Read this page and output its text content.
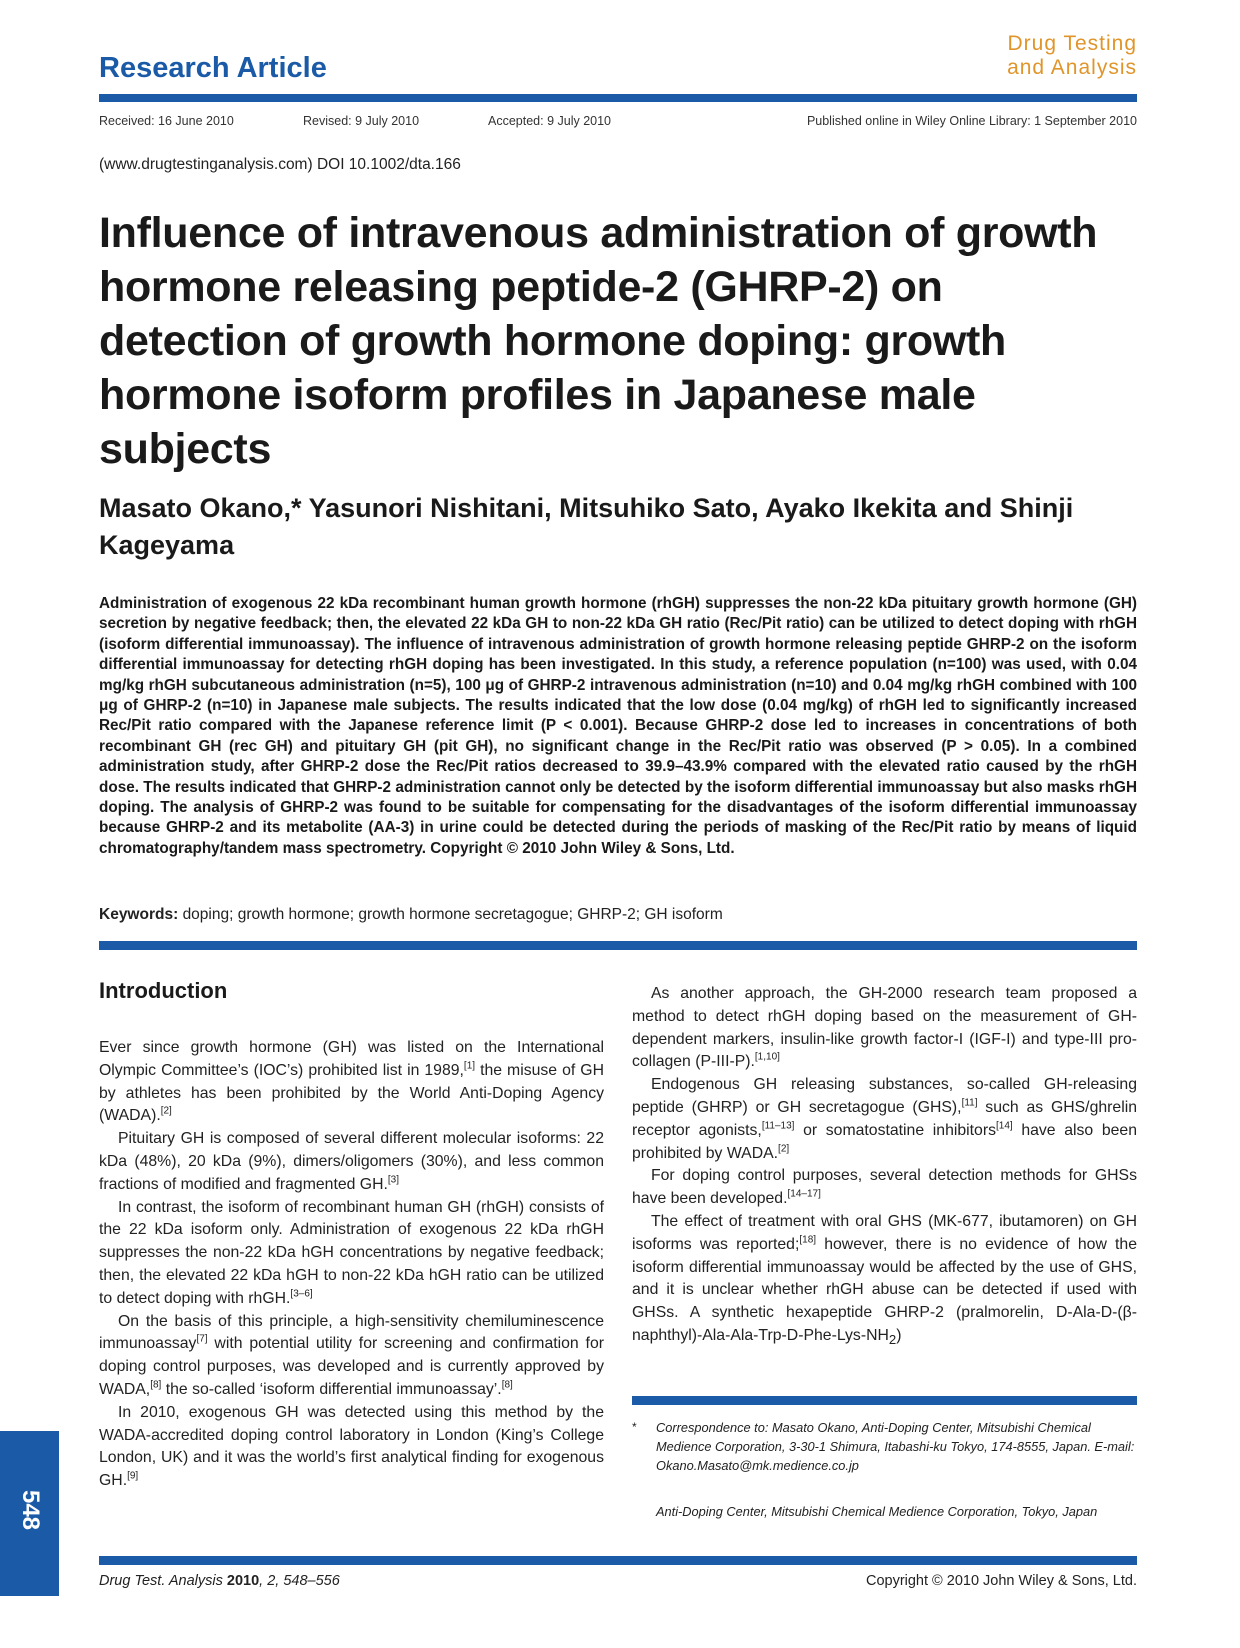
Research Article
Drug Testing
and Analysis
Received: 16 June 2010	Revised: 9 July 2010	Accepted: 9 July 2010	Published online in Wiley Online Library: 1 September 2010
(www.drugtestinganalysis.com) DOI 10.1002/dta.166
Influence of intravenous administration of growth hormone releasing peptide-2 (GHRP-2) on detection of growth hormone doping: growth hormone isoform profiles in Japanese male subjects
Masato Okano,* Yasunori Nishitani, Mitsuhiko Sato, Ayako Ikekita and Shinji Kageyama
Administration of exogenous 22 kDa recombinant human growth hormone (rhGH) suppresses the non-22 kDa pituitary growth hormone (GH) secretion by negative feedback; then, the elevated 22 kDa GH to non-22 kDa GH ratio (Rec/Pit ratio) can be utilized to detect doping with rhGH (isoform differential immunoassay). The influence of intravenous administration of growth hormone releasing peptide GHRP-2 on the isoform differential immunoassay for detecting rhGH doping has been investigated. In this study, a reference population (n=100) was used, with 0.04 mg/kg rhGH subcutaneous administration (n=5), 100 μg of GHRP-2 intravenous administration (n=10) and 0.04 mg/kg rhGH combined with 100 μg of GHRP-2 (n=10) in Japanese male subjects. The results indicated that the low dose (0.04 mg/kg) of rhGH led to significantly increased Rec/Pit ratio compared with the Japanese reference limit (P < 0.001). Because GHRP-2 dose led to increases in concentrations of both recombinant GH (rec GH) and pituitary GH (pit GH), no significant change in the Rec/Pit ratio was observed (P > 0.05). In a combined administration study, after GHRP-2 dose the Rec/Pit ratios decreased to 39.9–43.9% compared with the elevated ratio caused by the rhGH dose. The results indicated that GHRP-2 administration cannot only be detected by the isoform differential immunoassay but also masks rhGH doping. The analysis of GHRP-2 was found to be suitable for compensating for the disadvantages of the isoform differential immunoassay because GHRP-2 and its metabolite (AA-3) in urine could be detected during the periods of masking of the Rec/Pit ratio by means of liquid chromatography/tandem mass spectrometry. Copyright © 2010 John Wiley & Sons, Ltd.
Keywords: doping; growth hormone; growth hormone secretagogue; GHRP-2; GH isoform
Introduction

Ever since growth hormone (GH) was listed on the International Olympic Committee’s (IOC’s) prohibited list in 1989,[1] the misuse of GH by athletes has been prohibited by the World Anti-Doping Agency (WADA).[2]

Pituitary GH is composed of several different molecular isoforms: 22 kDa (48%), 20 kDa (9%), dimers/oligomers (30%), and less common fractions of modified and fragmented GH.[3]

In contrast, the isoform of recombinant human GH (rhGH) consists of the 22 kDa isoform only. Administration of exogenous 22 kDa rhGH suppresses the non-22 kDa hGH concentrations by negative feedback; then, the elevated 22 kDa hGH to non-22 kDa hGH ratio can be utilized to detect doping with rhGH.[3–6]

On the basis of this principle, a high-sensitivity chemiluminescence immunoassay[7] with potential utility for screening and confirmation for doping control purposes, was developed and is currently approved by WADA,[8] the so-called ‘isoform differential immunoassay’.[8]

In 2010, exogenous GH was detected using this method by the WADA-accredited doping control laboratory in London (King’s College London, UK) and it was the world’s first analytical finding for exogenous GH.[9]

As another approach, the GH-2000 research team proposed a method to detect rhGH doping based on the measurement of GH-dependent markers, insulin-like growth factor-I (IGF-I) and type-III pro-collagen (P-III-P).[1,10]

Endogenous GH releasing substances, so-called GH-releasing peptide (GHRP) or GH secretagogue (GHS),[11] such as GHS/ghrelin receptor agonists,[11–13] or somatostatine inhibitors[14] have also been prohibited by WADA.[2]

For doping control purposes, several detection methods for GHSs have been developed.[14–17]

The effect of treatment with oral GHS (MK-677, ibutamoren) on GH isoforms was reported;[18] however, there is no evidence of how the isoform differential immunoassay would be affected by the use of GHS, and it is unclear whether rhGH abuse can be detected if used with GHSs. A synthetic hexapeptide GHRP-2 (pralmorelin, $D-Ala-D-(\beta-naphthyl)-Ala-Ala-Trp-D-Phe-Lys-NH_2$)

* Correspondence to: Masato Okano, Anti-Doping Center, Mitsubishi Chemical Medience Corporation, 3-30-1 Shimura, Itabashi-ku Tokyo, 174-8555, Japan. E-mail: Okano.Masato@mk.medience.co.jp
Anti-Doping Center, Mitsubishi Chemical Medience Corporation, Tokyo, Japan
548
Drug Test. Analysis 2010, 2, 548–556	Copyright © 2010 John Wiley & Sons, Ltd.
